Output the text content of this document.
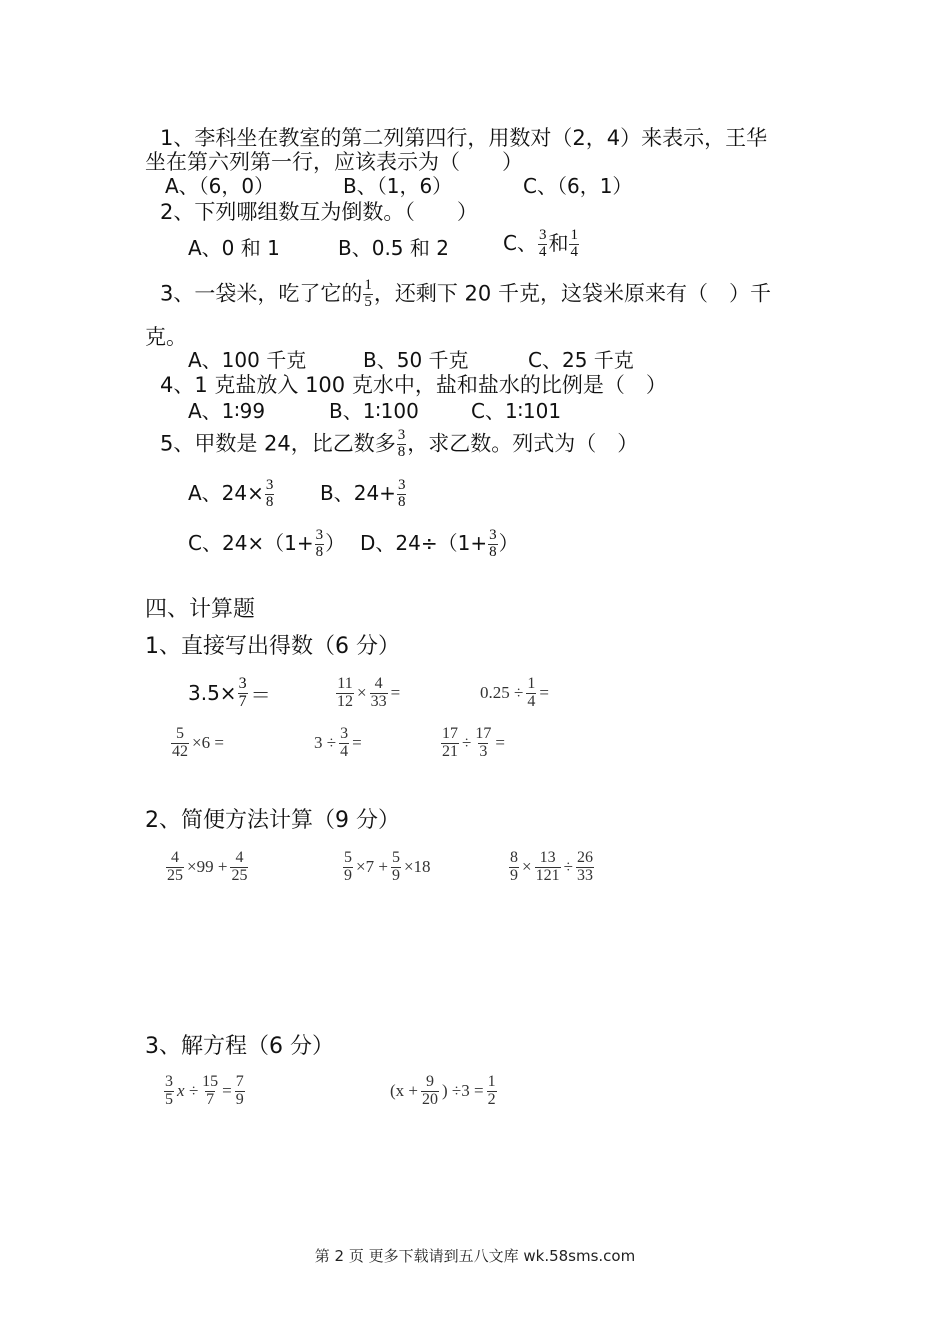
1、李科坐在教室的第二列第四行，用数对（2，4）来表示，王华
坐在第六列第一行，应该表示为（　　）
A、（6，0）	B、（1，6）	C、（6，1）
2、下列哪组数互为倒数。（　　）
A、0 和 1	B、0.5 和 2	C、 $\frac{3}{4}$ 和 $\frac{1}{4}$
3、一袋米，吃了它的 $\frac{1}{5}$ ，还剩下 20 千克，这袋米原来有（　）千
克。
A、100 千克	B、50 千克	C、25 千克
4、1 克盐放入 100 克水中，盐和盐水的比例是（　）
A、1∶99	B、1∶100	C、1∶101
5、甲数是 24，比乙数多 $\frac{3}{8}$ ，求乙数。列式为（　）
A、$24\times \frac{3}{8}$ B、$24+ \frac{3}{8}$
C、$24\times(1+ \frac{3}{8}$ ） D、$24\div(1+ \frac{3}{8}$ ）
四、计算题
1、直接写出得数（6 分）
$3.5\times \frac{3}{7}$ ＝	$\frac{11}{12} \times \frac{4}{33}$ =	$0.25 \div \frac{1}{4}$ =
$\frac{5}{42} \times 6$ =	$3 \div \frac{3}{4}$ =	$\frac{17}{21} \div \frac{17}{3}$ =
2、简便方法计算（9 分）
$\frac{4}{25} \times 99 + \frac{4}{25}$	$\frac{5}{9} \times 7 + \frac{5}{9} \times 18$	$\frac{8}{9} \times \frac{13}{121} \div \frac{26}{33}$
3、解方程（6 分）
$\frac{3}{5}$ $x \div \frac{15}{7} = \frac{7}{9}$	($x + \frac{9}{20}$ ) $\div 3 = \frac{1}{2}$
第 2 页 更多下载请到五八文库 wk.58sms.com
